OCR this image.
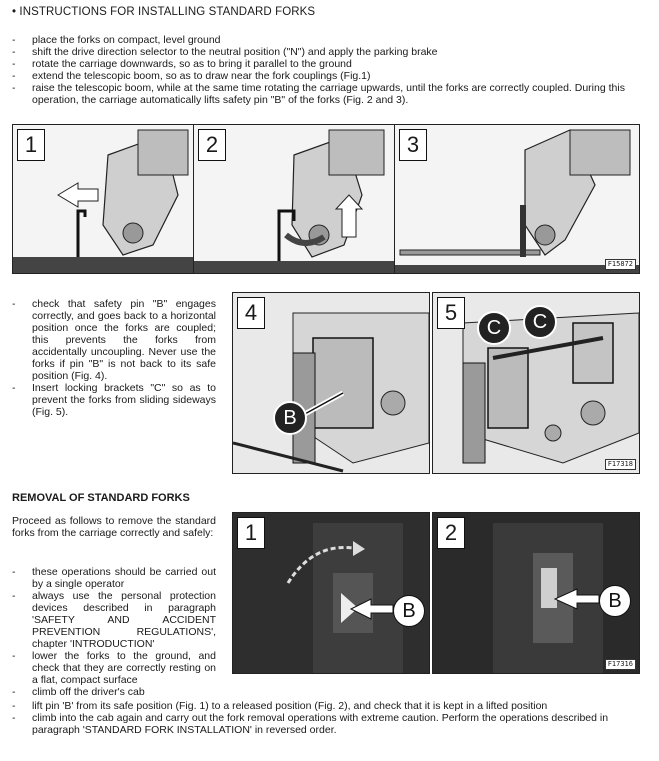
• INSTRUCTIONS FOR INSTALLING STANDARD FORKS
- place the forks on compact, level ground
- shift the drive direction selector to the neutral position ("N") and apply the parking brake
- rotate the carriage downwards, so as to bring it parallel to the ground
- extend the telescopic boom, so as to draw near the fork couplings (Fig.1)
- raise the telescopic boom, while at the same time rotating the carriage upwards, until the forks are correctly coupled. During this operation, the carriage automatically lifts safety pin "B" of the forks (Fig. 2 and 3).
1	2	3
F15872
- check that safety pin "B" engages correctly, and goes back to a horizontal position once the forks are coupled; this prevents the forks from accidentally uncoupling. Never use the forks if pin "B" is not back to its safe position (Fig. 4).
- Insert locking brackets "C" so as to prevent the forks from sliding sideways (Fig. 5).
4
B
5
C	C
F17318
REMOVAL OF STANDARD FORKS
Proceed as follows to remove the standard forks from the carriage correctly and safely:
- these operations should be carried out by a single operator
- always use the personal protection devices described in paragraph 'SAFETY AND ACCIDENT PREVENTION REGULATIONS', chapter 'INTRODUCTION'
- lower the forks to the ground, and check that they are correctly resting on a flat, compact surface
- climb off the driver's cab
1
B
2
B
F17316
- lift pin 'B' from its safe position (Fig. 1) to a released position (Fig. 2), and check that it is kept in a lifted position
- climb into the cab again and carry out the fork removal operations with extreme caution. Perform the operations described in paragraph 'STANDARD FORK INSTALLATION' in reversed order.
